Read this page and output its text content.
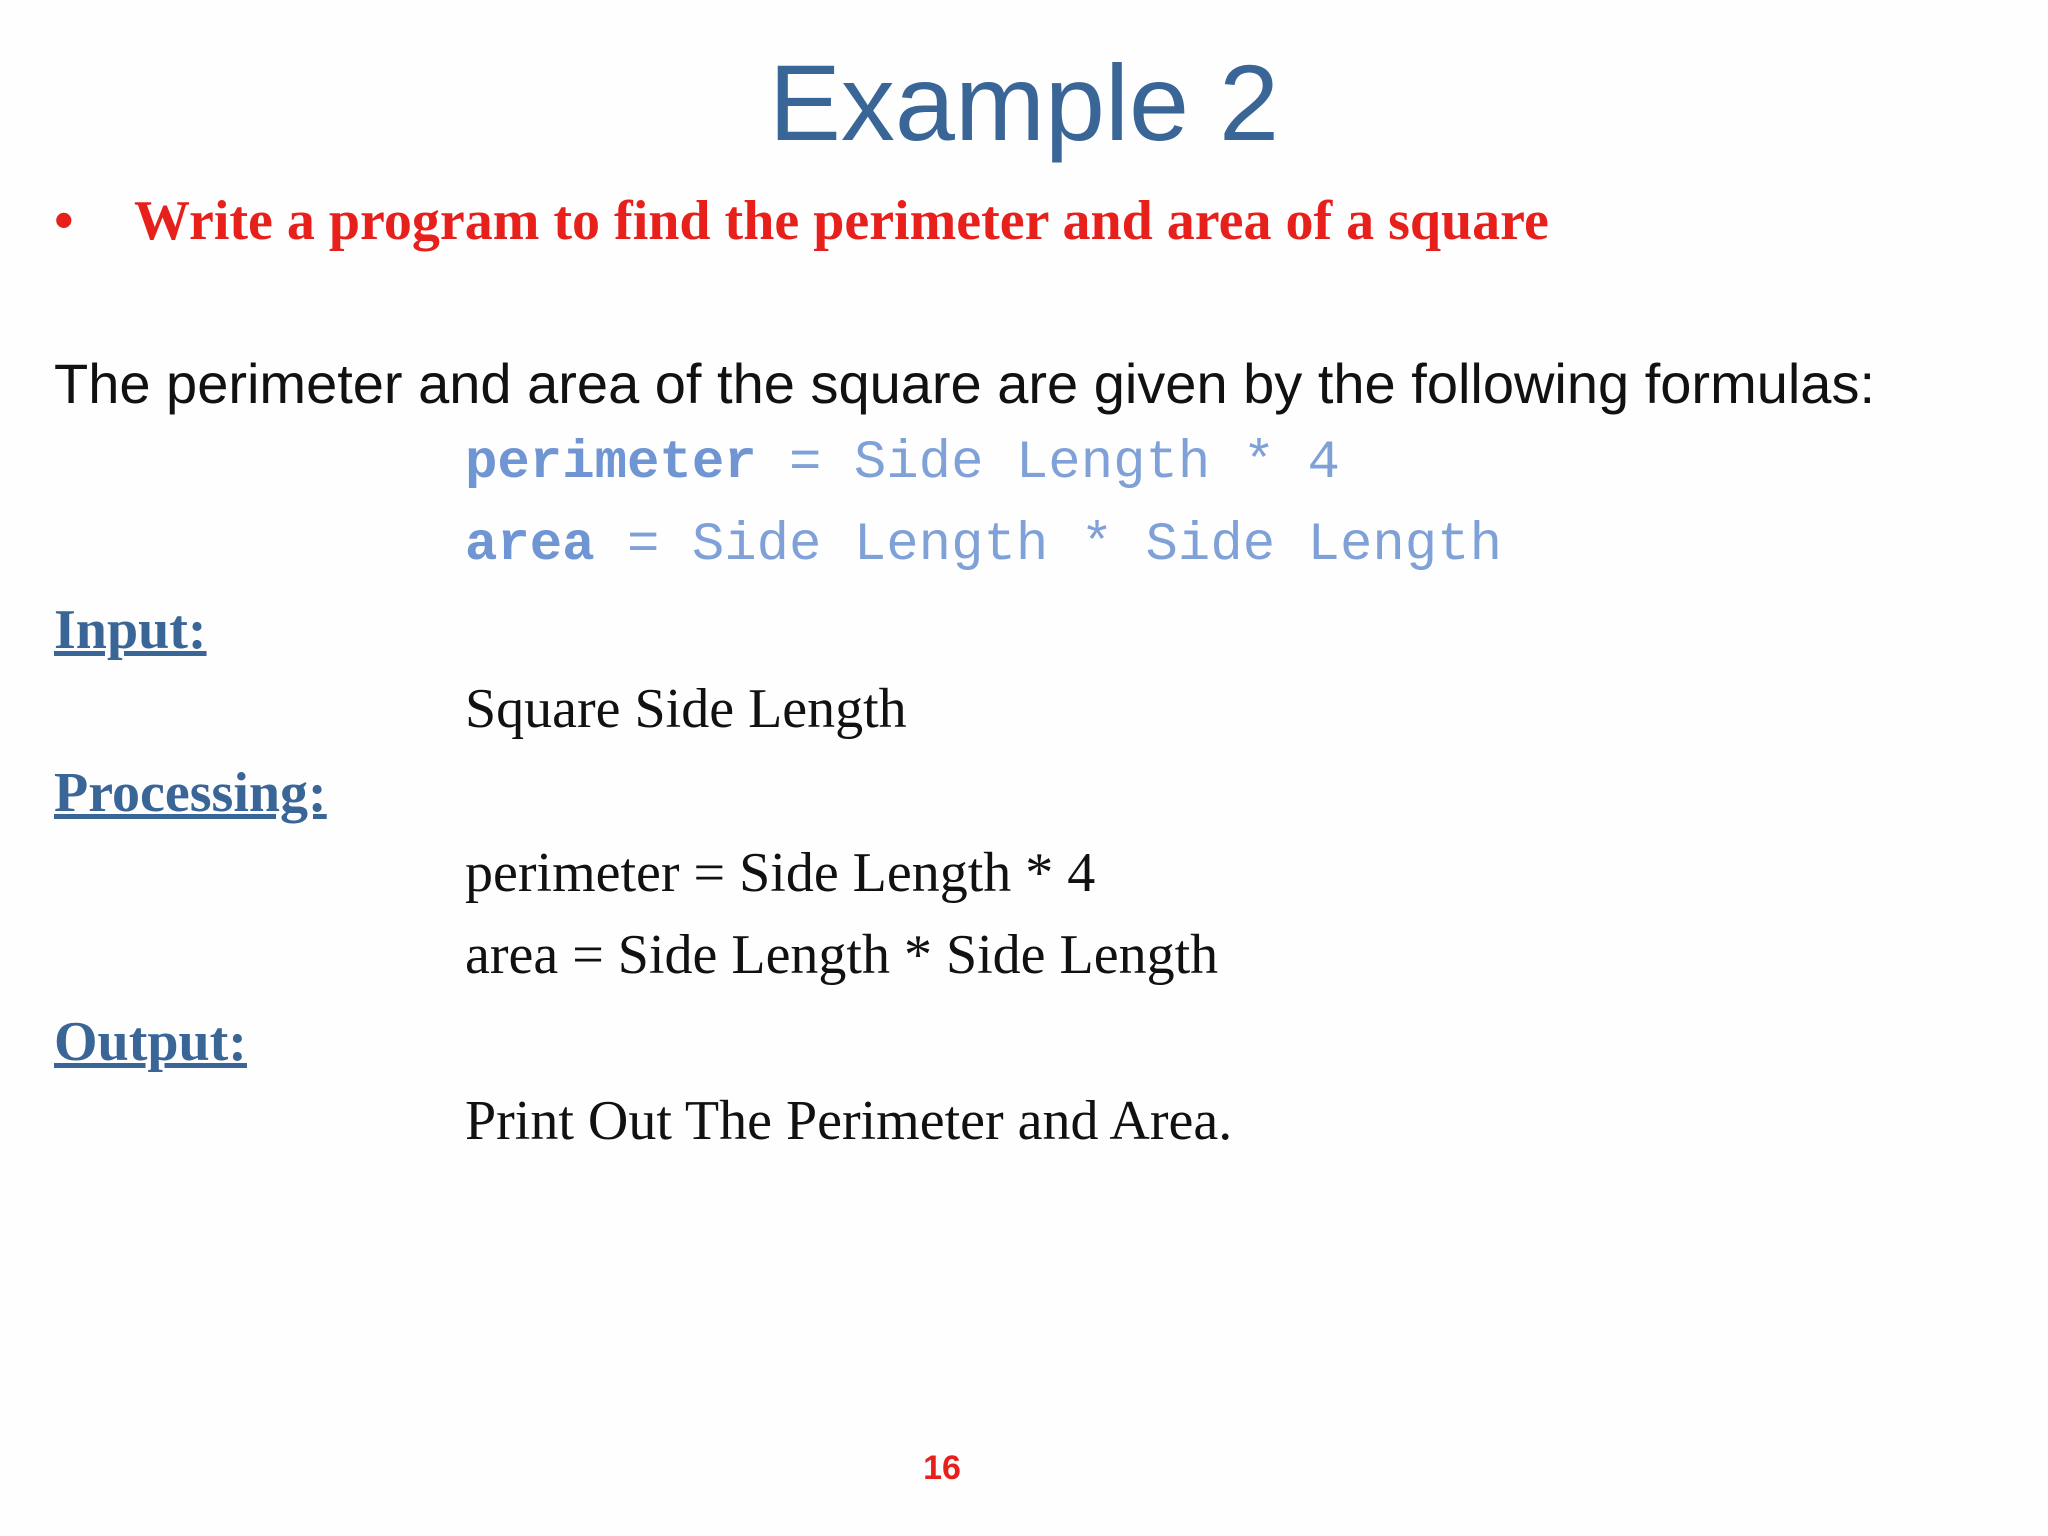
Example 2
• Write a program to find the perimeter and area of a square
The perimeter and area of the square are given by the following formulas:
perimeter = Side Length * 4
area = Side Length * Side Length
Input:
Square Side Length
Processing:
perimeter = Side Length * 4
area = Side Length * Side Length
Output:
Print Out The Perimeter and Area.
16
